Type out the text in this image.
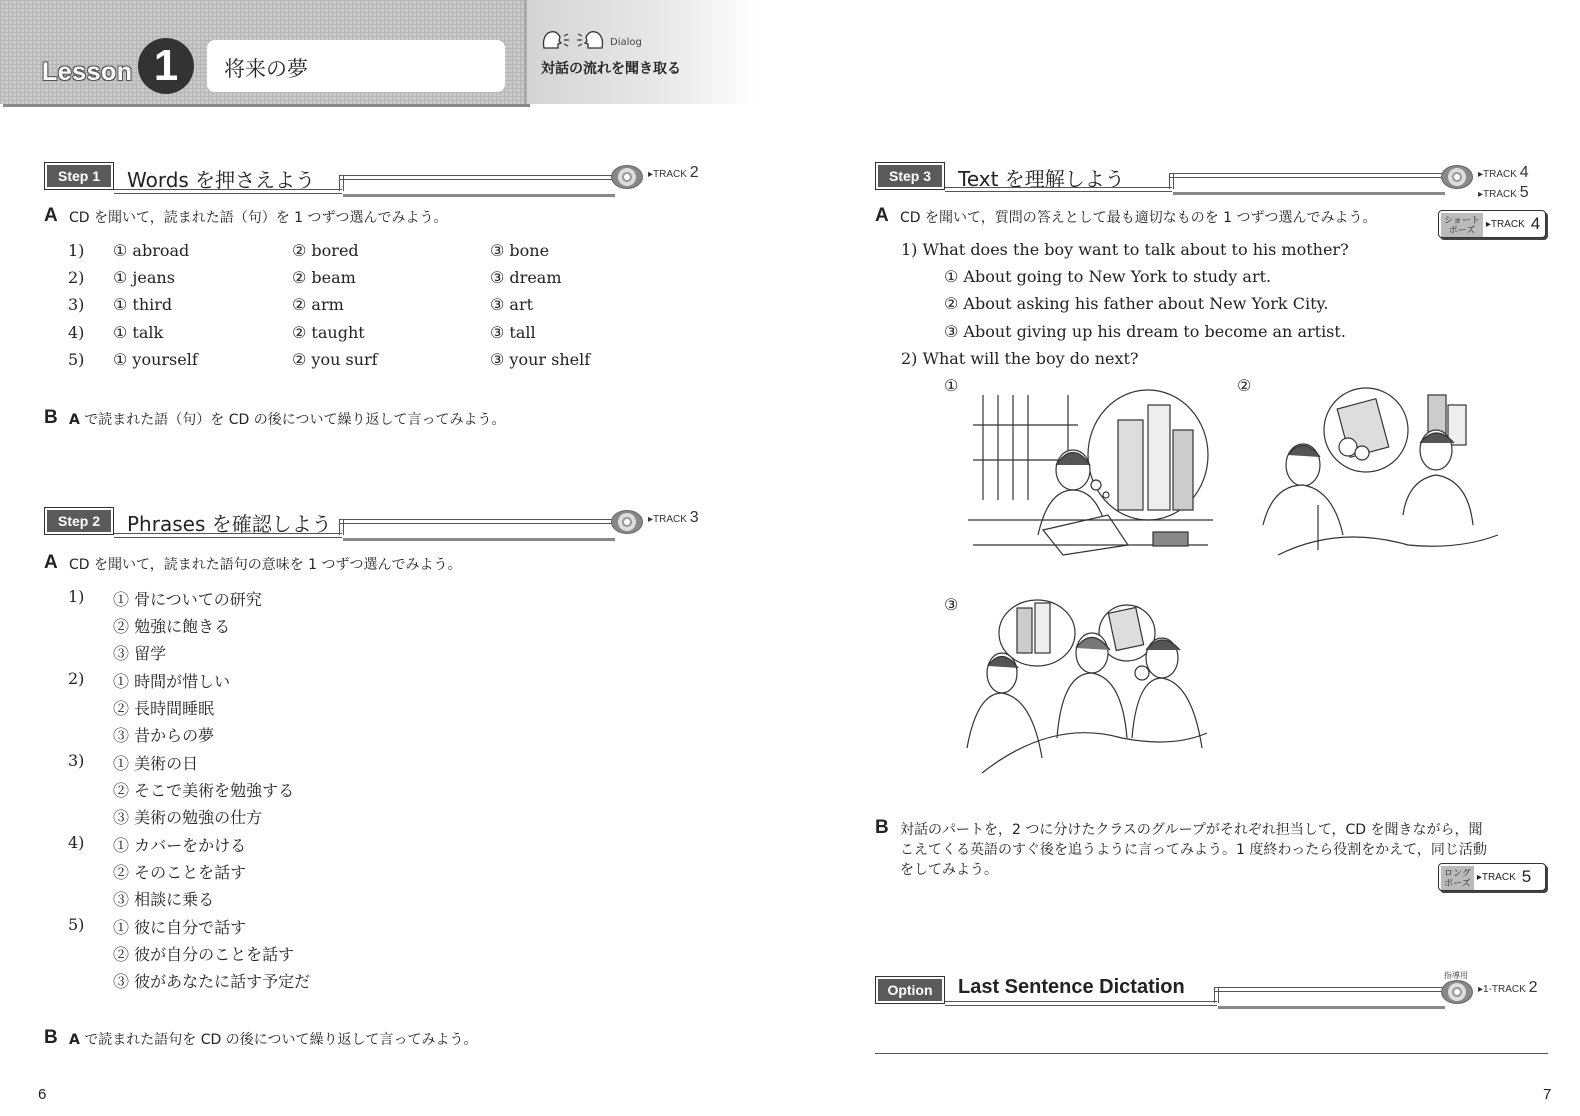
Lesson 1	将来の夢
Dialog
対話の流れを聞き取る
Step 1	Words を押さえよう	▸TRACK 2
A CD を聞いて，読まれた語（句）を 1 つずつ選んでみよう。
1) ① abroad	② bored	③ bone
2) ① jeans	② beam	③ dream
3) ① third	② arm	③ art
4) ① talk	② taught	③ tall
5) ① yourself	② you surf	③ your shelf
B A で読まれた語（句）を CD の後について繰り返して言ってみよう。
Step 2	Phrases を確認しよう	▸TRACK 3
A CD を聞いて，読まれた語句の意味を 1 つずつ選んでみよう。
1) ① 骨についての研究
② 勉強に飽きる
③ 留学
2) ① 時間が惜しい
② 長時間睡眠
③ 昔からの夢
3) ① 美術の日
② そこで美術を勉強する
③ 美術の勉強の仕方
4) ① カバーをかける
② そのことを話す
③ 相談に乗る
5) ① 彼に自分で話す
② 彼が自分のことを話す
③ 彼があなたに話す予定だ
B A で読まれた語句を CD の後について繰り返して言ってみよう。
6
Step 3	Text を理解しよう	▸TRACK 4
▸TRACK 5
A CD を聞いて，質問の答えとして最も適切なものを 1 つずつ選んでみよう。	ショート
ポーズ▸TRACK 4
1) What does the boy want to talk about to his mother?
① About going to New York to study art.
② About asking his father about New York City.
③ About giving up his dream to become an artist.
2) What will the boy do next?
①	②
③
B 対話のパートを，2 つに分けたクラスのグループがそれぞれ担当して，CD を聞きながら，聞
こえてくる英語のすぐ後を追うように言ってみよう。1 度終わったら役割をかえて，同じ活動
をしてみよう。	ロング
ポーズ▸TRACK 5
Option	Last Sentence Dictation
指導用
▸1-TRACK 2
7
